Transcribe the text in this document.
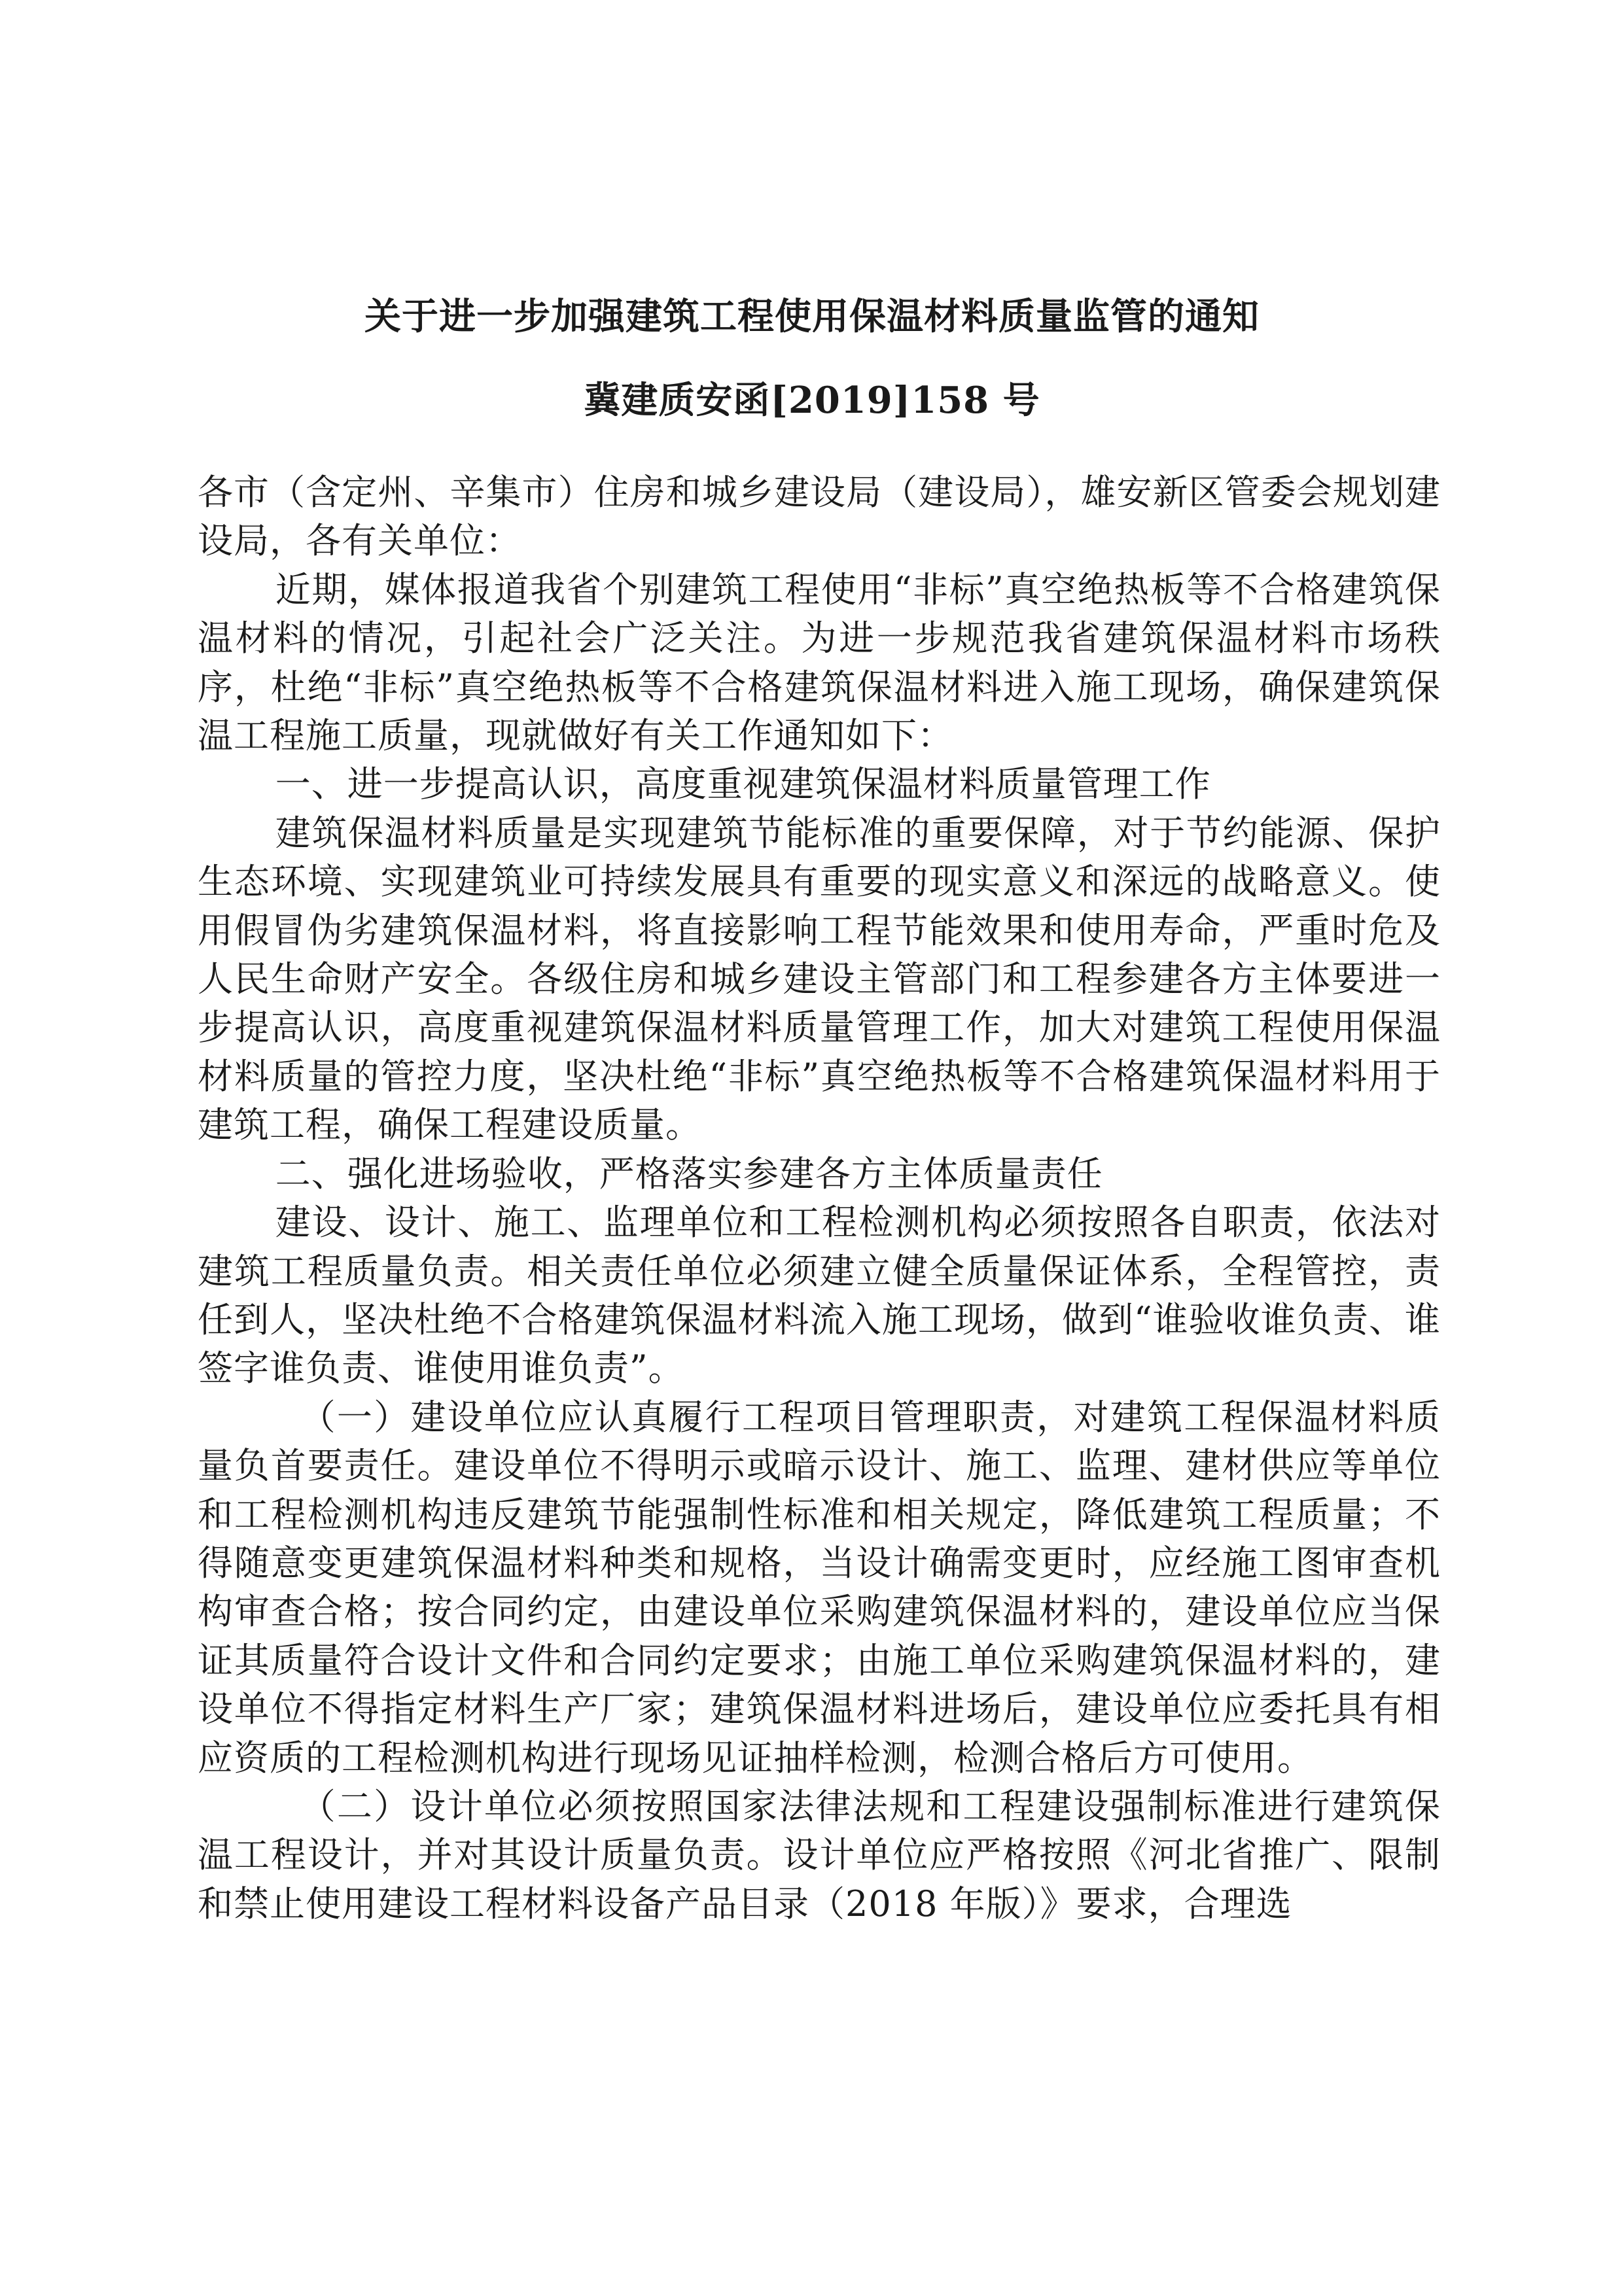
关于进一步加强建筑工程使用保温材料质量监管的通知
冀建质安函[2019]158 号

各市（含定州、辛集市）住房和城乡建设局（建设局），雄安新区管委会规划建设局，各有关单位：

近期，媒体报道我省个别建筑工程使用“非标”真空绝热板等不合格建筑保温材料的情况，引起社会广泛关注。为进一步规范我省建筑保温材料市场秩序，杜绝“非标”真空绝热板等不合格建筑保温材料进入施工现场，确保建筑保温工程施工质量，现就做好有关工作通知如下：

一、进一步提高认识，高度重视建筑保温材料质量管理工作

建筑保温材料质量是实现建筑节能标准的重要保障，对于节约能源、保护生态环境、实现建筑业可持续发展具有重要的现实意义和深远的战略意义。使用假冒伪劣建筑保温材料，将直接影响工程节能效果和使用寿命，严重时危及人民生命财产安全。各级住房和城乡建设主管部门和工程参建各方主体要进一步提高认识，高度重视建筑保温材料质量管理工作，加大对建筑工程使用保温材料质量的管控力度，坚决杜绝“非标”真空绝热板等不合格建筑保温材料用于建筑工程，确保工程建设质量。

二、强化进场验收，严格落实参建各方主体质量责任

建设、设计、施工、监理单位和工程检测机构必须按照各自职责，依法对建筑工程质量负责。相关责任单位必须建立健全质量保证体系，全程管控，责任到人，坚决杜绝不合格建筑保温材料流入施工现场，做到“谁验收谁负责、谁签字谁负责、谁使用谁负责”。

（一）建设单位应认真履行工程项目管理职责，对建筑工程保温材料质量负首要责任。建设单位不得明示或暗示设计、施工、监理、建材供应等单位和工程检测机构违反建筑节能强制性标准和相关规定，降低建筑工程质量；不得随意变更建筑保温材料种类和规格，当设计确需变更时，应经施工图审查机构审查合格；按合同约定，由建设单位采购建筑保温材料的，建设单位应当保证其质量符合设计文件和合同约定要求；由施工单位采购建筑保温材料的，建设单位不得指定材料生产厂家；建筑保温材料进场后，建设单位应委托具有相应资质的工程检测机构进行现场见证抽样检测，检测合格后方可使用。

（二）设计单位必须按照国家法律法规和工程建设强制标准进行建筑保温工程设计，并对其设计质量负责。设计单位应严格按照《河北省推广、限制和禁止使用建设工程材料设备产品目录（2018 年版）》要求，合理选
